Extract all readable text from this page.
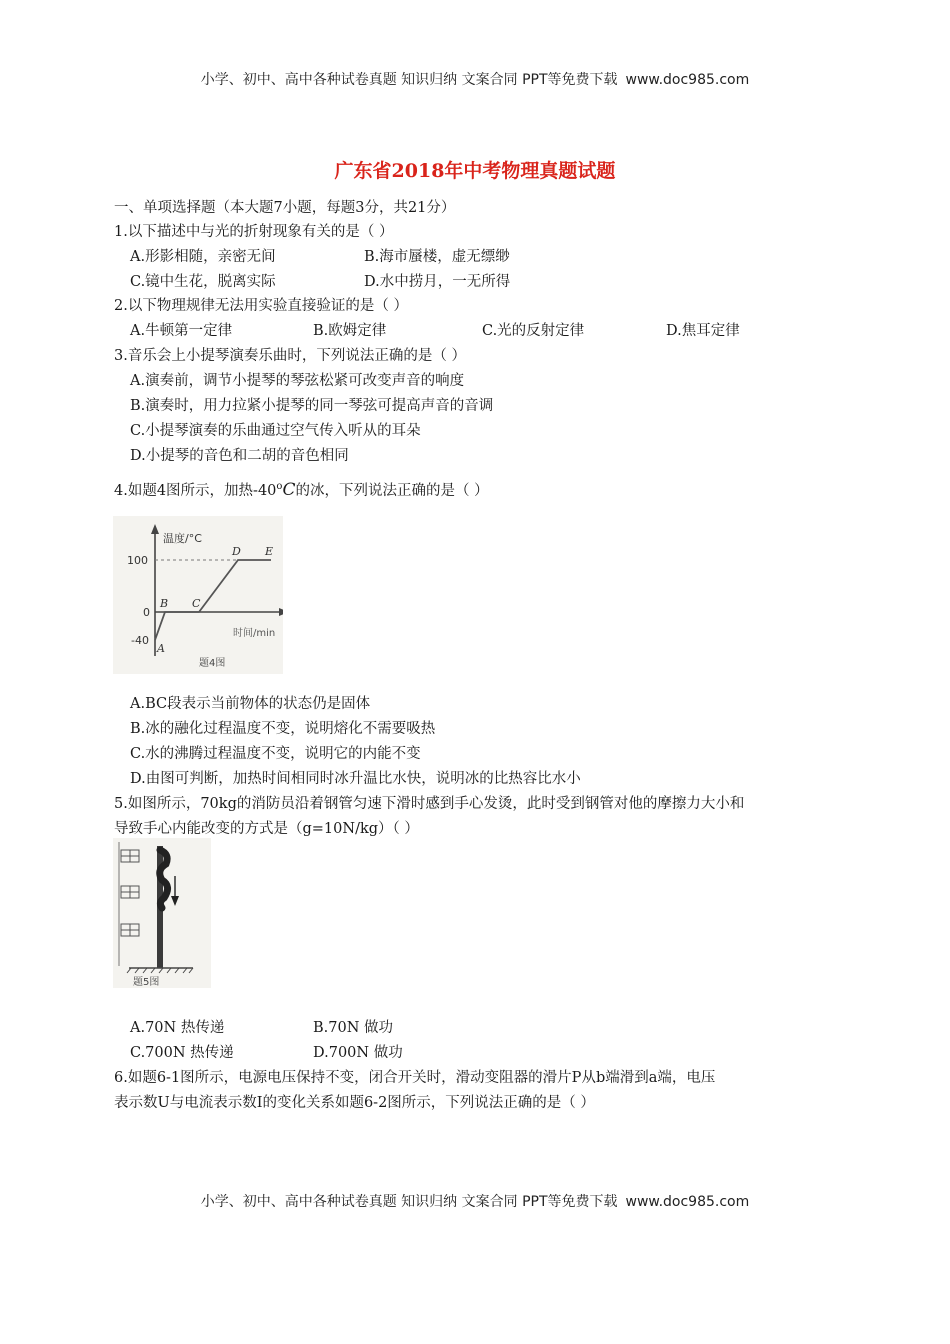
小学、初中、高中各种试卷真题 知识归纳 文案合同 PPT等免费下载 www.doc985.com
广东省2018年中考物理真题试题
一、单项选择题（本大题7小题，每题3分，共21分）
1.以下描述中与光的折射现象有关的是（ ）
A.形影相随，亲密无间	B.海市蜃楼，虚无缥缈
C.镜中生花，脱离实际	D.水中捞月，一无所得
2.以下物理规律无法用实验直接验证的是（ ）
A.牛顿第一定律	B.欧姆定律	C.光的反射定律	D.焦耳定律
3.音乐会上小提琴演奏乐曲时，下列说法正确的是（ ）
A.演奏前，调节小提琴的琴弦松紧可改变声音的响度
B.演奏时，用力拉紧小提琴的同一琴弦可提高声音的音调
C.小提琴演奏的乐曲通过空气传入听从的耳朵
D.小提琴的音色和二胡的音色相同
4.如题4图所示，加热-40$^o$C的冰，下列说法正确的是（ ）
温度/°C
100
0
-40
A
B C
D E
时间/min
题4图
A.BC段表示当前物体的状态仍是固体
B.冰的融化过程温度不变，说明熔化不需要吸热
C.水的沸腾过程温度不变，说明它的内能不变
D.由图可判断，加热时间相同时冰升温比水快，说明冰的比热容比水小
5.如图所示，70kg的消防员沿着钢管匀速下滑时感到手心发烫，此时受到钢管对他的摩擦力大小和
导致手心内能改变的方式是（g=10N/kg）（ ）
题5图
A.70N 热传递	B.70N 做功
C.700N 热传递	D.700N 做功
6.如题6-1图所示，电源电压保持不变，闭合开关时，滑动变阻器的滑片P从b端滑到a端，电压
表示数U与电流表示数I的变化关系如题6-2图所示，下列说法正确的是（ ）
小学、初中、高中各种试卷真题 知识归纳 文案合同 PPT等免费下载 www.doc985.com
